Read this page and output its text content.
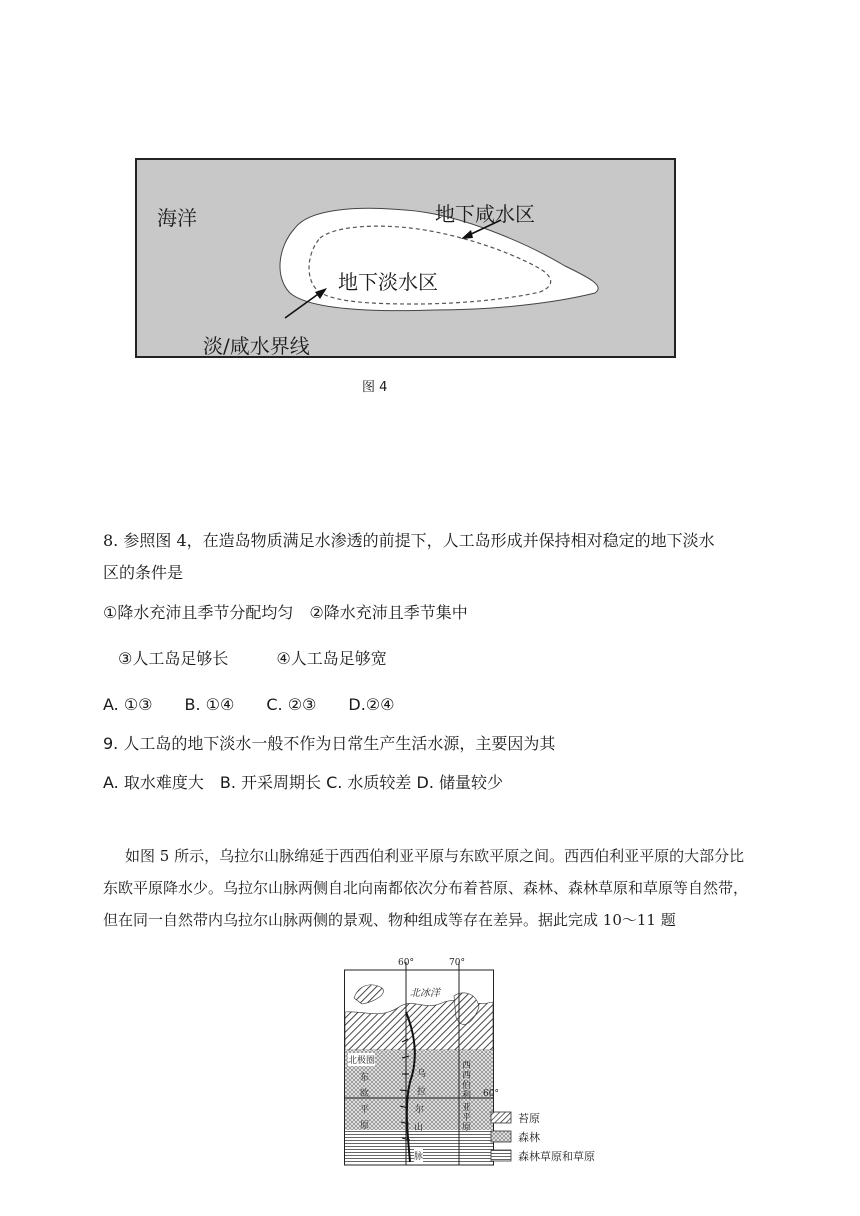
海洋	地下咸水区
地下淡水区
淡/咸水界线
图 4
8. 参照图 4，在造岛物质满足水渗透的前提下，人工岛形成并保持相对稳定的地下淡水
区的条件是
①降水充沛且季节分配均匀　②降水充沛且季节集中
③人工岛足够长　　　④人工岛足够宽
A. ①③　　B. ①④　　C. ②③　　D.②④
9. 人工岛的地下淡水一般不作为日常生产生活水源，主要因为其
A. 取水难度大　B. 开采周期长 C. 水质较差 D. 储量较少
如图 5 所示，乌拉尔山脉绵延于西西伯利亚平原与东欧平原之间。西西伯利亚平原的大部分比东欧平原降水少。乌拉尔山脉两侧自北向南都依次分布着苔原、森林、森林草原和草原等自然带，但在同一自然带内乌拉尔山脉两侧的景观、物种组成等存在差异。据此完成 10～11 题
60°	70°
60°
北冰洋
北极圈
东
欧
平
原
西
西
伯
利
亚
平
原
乌
拉
尔
山
脉
苔原
森林
森林草原和草原
